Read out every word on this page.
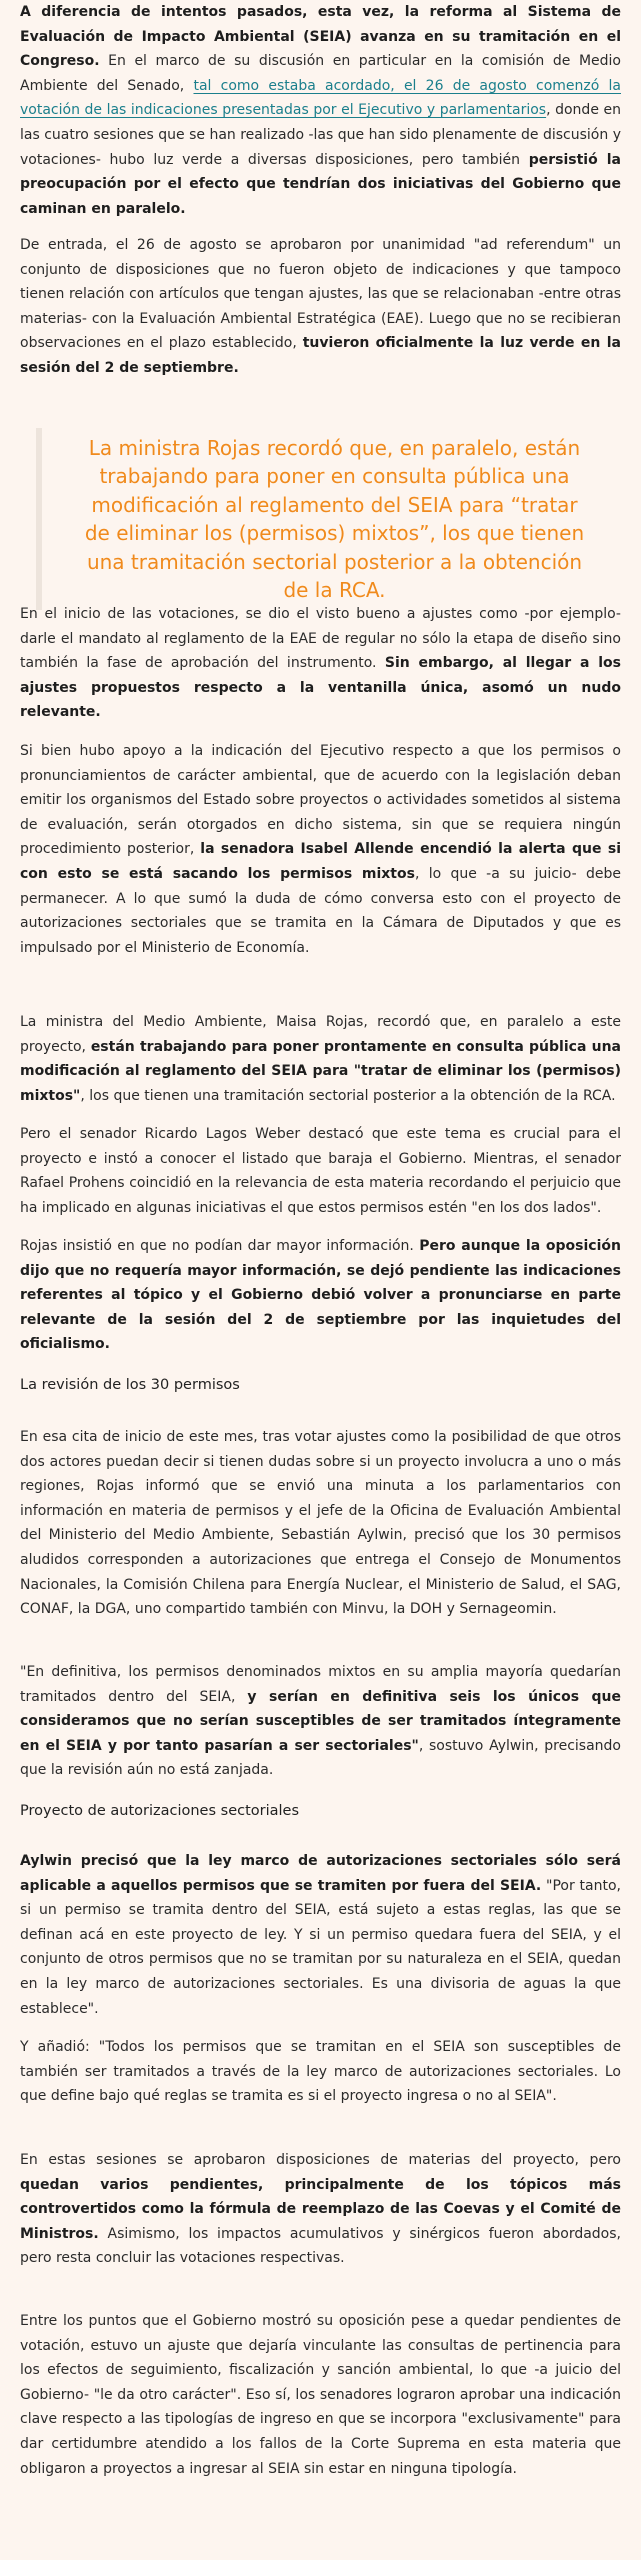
A diferencia de intentos pasados, esta vez, la reforma al Sistema de Evaluación de Impacto Ambiental (SEIA) avanza en su tramitación en el Congreso. En el marco de su discusión en particular en la comisión de Medio Ambiente del Senado, tal como estaba acordado, el 26 de agosto comenzó la votación de las indicaciones presentadas por el Ejecutivo y parlamentarios, donde en las cuatro sesiones que se han realizado -las que han sido plenamente de discusión y votaciones- hubo luz verde a diversas disposiciones, pero también persistió la preocupación por el efecto que tendrían dos iniciativas del Gobierno que caminan en paralelo.

De entrada, el 26 de agosto se aprobaron por unanimidad "ad referendum" un conjunto de disposiciones que no fueron objeto de indicaciones y que tampoco tienen relación con artículos que tengan ajustes, las que se relacionaban -entre otras materias- con la Evaluación Ambiental Estratégica (EAE). Luego que no se recibieran observaciones en el plazo establecido, tuvieron oficialmente la luz verde en la sesión del 2 de septiembre.

La ministra Rojas recordó que, en paralelo, están trabajando para poner en consulta pública una modificación al reglamento del SEIA para “tratar de eliminar los (permisos) mixtos”, los que tienen una tramitación sectorial posterior a la obtención de la RCA.

En el inicio de las votaciones, se dio el visto bueno a ajustes como -por ejemplo- darle el mandato al reglamento de la EAE de regular no sólo la etapa de diseño sino también la fase de aprobación del instrumento. Sin embargo, al llegar a los ajustes propuestos respecto a la ventanilla única, asomó un nudo relevante.

Si bien hubo apoyo a la indicación del Ejecutivo respecto a que los permisos o pronunciamientos de carácter ambiental, que de acuerdo con la legislación deban emitir los organismos del Estado sobre proyectos o actividades sometidos al sistema de evaluación, serán otorgados en dicho sistema, sin que se requiera ningún procedimiento posterior, la senadora Isabel Allende encendió la alerta que si con esto se está sacando los permisos mixtos, lo que -a su juicio- debe permanecer. A lo que sumó la duda de cómo conversa esto con el proyecto de autorizaciones sectoriales que se tramita en la Cámara de Diputados y que es impulsado por el Ministerio de Economía.

La ministra del Medio Ambiente, Maisa Rojas, recordó que, en paralelo a este proyecto, están trabajando para poner prontamente en consulta pública una modificación al reglamento del SEIA para "tratar de eliminar los (permisos) mixtos", los que tienen una tramitación sectorial posterior a la obtención de la RCA.

Pero el senador Ricardo Lagos Weber destacó que este tema es crucial para el proyecto e instó a conocer el listado que baraja el Gobierno. Mientras, el senador Rafael Prohens coincidió en la relevancia de esta materia recordando el perjuicio que ha implicado en algunas iniciativas el que estos permisos estén "en los dos lados".

Rojas insistió en que no podían dar mayor información. Pero aunque la oposición dijo que no requería mayor información, se dejó pendiente las indicaciones referentes al tópico y el Gobierno debió volver a pronunciarse en parte relevante de la sesión del 2 de septiembre por las inquietudes del oficialismo.

La revisión de los 30 permisos

En esa cita de inicio de este mes, tras votar ajustes como la posibilidad de que otros dos actores puedan decir si tienen dudas sobre si un proyecto involucra a uno o más regiones, Rojas informó que se envió una minuta a los parlamentarios con información en materia de permisos y el jefe de la Oficina de Evaluación Ambiental del Ministerio del Medio Ambiente, Sebastián Aylwin, precisó que los 30 permisos aludidos corresponden a autorizaciones que entrega el Consejo de Monumentos Nacionales, la Comisión Chilena para Energía Nuclear, el Ministerio de Salud, el SAG, CONAF, la DGA, uno compartido también con Minvu, la DOH y Sernageomin.

"En definitiva, los permisos denominados mixtos en su amplia mayoría quedarían tramitados dentro del SEIA, y serían en definitiva seis los únicos que consideramos que no serían susceptibles de ser tramitados íntegramente en el SEIA y por tanto pasarían a ser sectoriales", sostuvo Aylwin, precisando que la revisión aún no está zanjada.

Proyecto de autorizaciones sectoriales

Aylwin precisó que la ley marco de autorizaciones sectoriales sólo será aplicable a aquellos permisos que se tramiten por fuera del SEIA. "Por tanto, si un permiso se tramita dentro del SEIA, está sujeto a estas reglas, las que se definan acá en este proyecto de ley. Y si un permiso quedara fuera del SEIA, y el conjunto de otros permisos que no se tramitan por su naturaleza en el SEIA, quedan en la ley marco de autorizaciones sectoriales. Es una divisoria de aguas la que establece".

Y añadió: "Todos los permisos que se tramitan en el SEIA son susceptibles de también ser tramitados a través de la ley marco de autorizaciones sectoriales. Lo que define bajo qué reglas se tramita es si el proyecto ingresa o no al SEIA".

En estas sesiones se aprobaron disposiciones de materias del proyecto, pero quedan varios pendientes, principalmente de los tópicos más controvertidos como la fórmula de reemplazo de las Coevas y el Comité de Ministros. Asimismo, los impactos acumulativos y sinérgicos fueron abordados, pero resta concluir las votaciones respectivas.

Entre los puntos que el Gobierno mostró su oposición pese a quedar pendientes de votación, estuvo un ajuste que dejaría vinculante las consultas de pertinencia para los efectos de seguimiento, fiscalización y sanción ambiental, lo que -a juicio del Gobierno- "le da otro carácter". Eso sí, los senadores lograron aprobar una indicación clave respecto a las tipologías de ingreso en que se incorpora "exclusivamente" para dar certidumbre atendido a los fallos de la Corte Suprema en esta materia que obligaron a proyectos a ingresar al SEIA sin estar en ninguna tipología.
